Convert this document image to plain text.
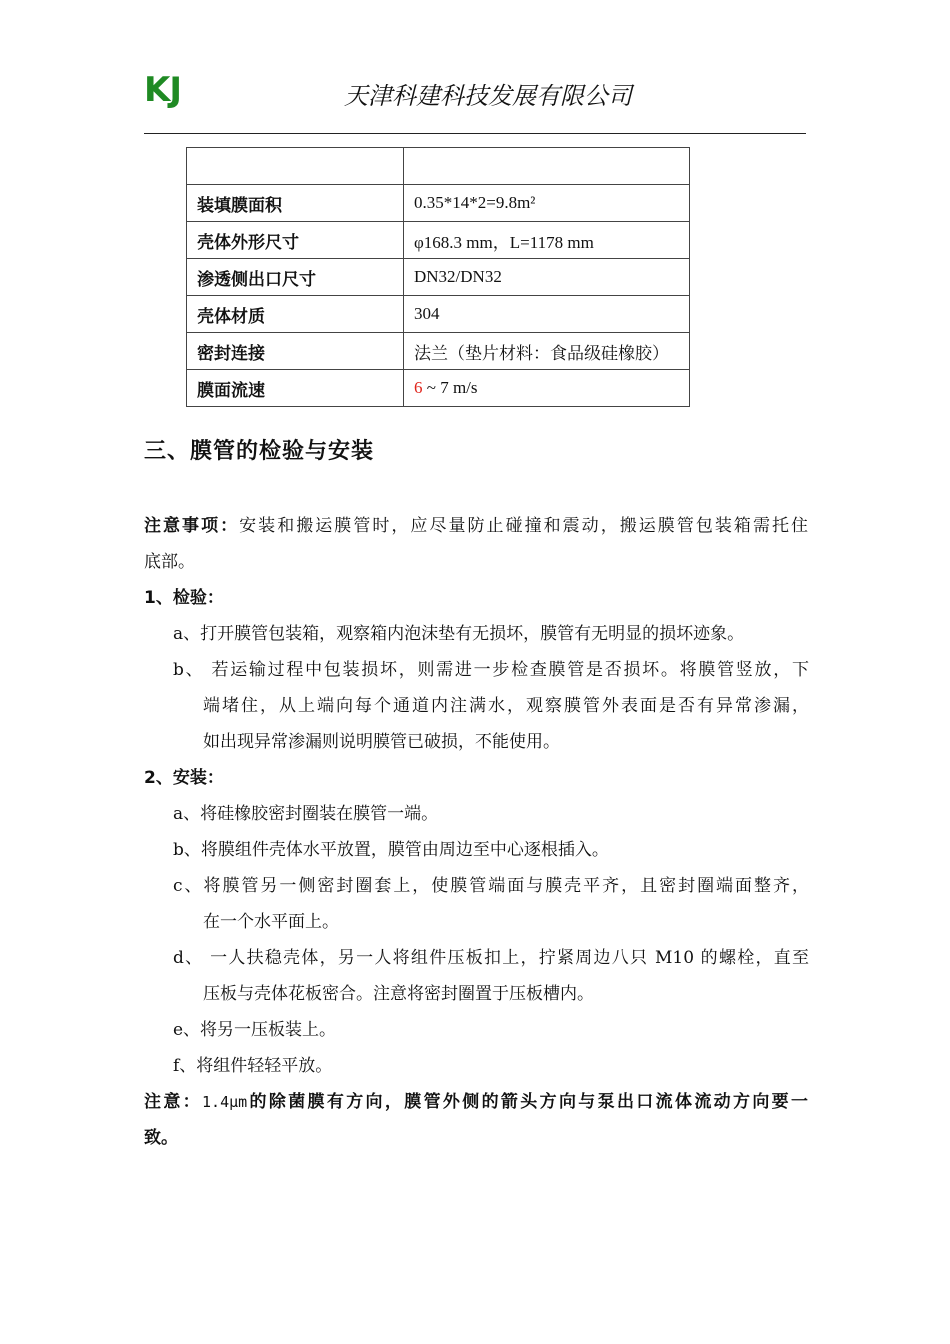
KJ	天津科建科技发展有限公司

装填膜面积	0.35*14*2=9.8m²
壳体外形尺寸	φ168.3 mm，L=1178 mm
渗透侧出口尺寸	DN32/DN32
壳体材质	304
密封连接	法兰（垫片材料：食品级硅橡胶）
膜面流速	6 ~ 7 m/s
三、膜管的检验与安装
注意事项：安装和搬运膜管时，应尽量防止碰撞和震动，搬运膜管包装箱需托住
底部。
1、检验：
a、打开膜管包装箱，观察箱内泡沫垫有无损坏，膜管有无明显的损坏迹象。
b、 若运输过程中包装损坏，则需进一步检查膜管是否损坏。将膜管竖放，下
端堵住，从上端向每个通道内注满水，观察膜管外表面是否有异常渗漏，
如出现异常渗漏则说明膜管已破损，不能使用。
2、安装：
a、将硅橡胶密封圈装在膜管一端。
b、将膜组件壳体水平放置，膜管由周边至中心逐根插入。
c、将膜管另一侧密封圈套上，使膜管端面与膜壳平齐，且密封圈端面整齐，
在一个水平面上。
d、 一人扶稳壳体，另一人将组件压板扣上，拧紧周边八只 M10 的螺栓，直至
压板与壳体花板密合。注意将密封圈置于压板槽内。
e、将另一压板装上。
f、将组件轻轻平放。
注意：1.4μm的除菌膜有方向，膜管外侧的箭头方向与泵出口流体流动方向要一
致。
